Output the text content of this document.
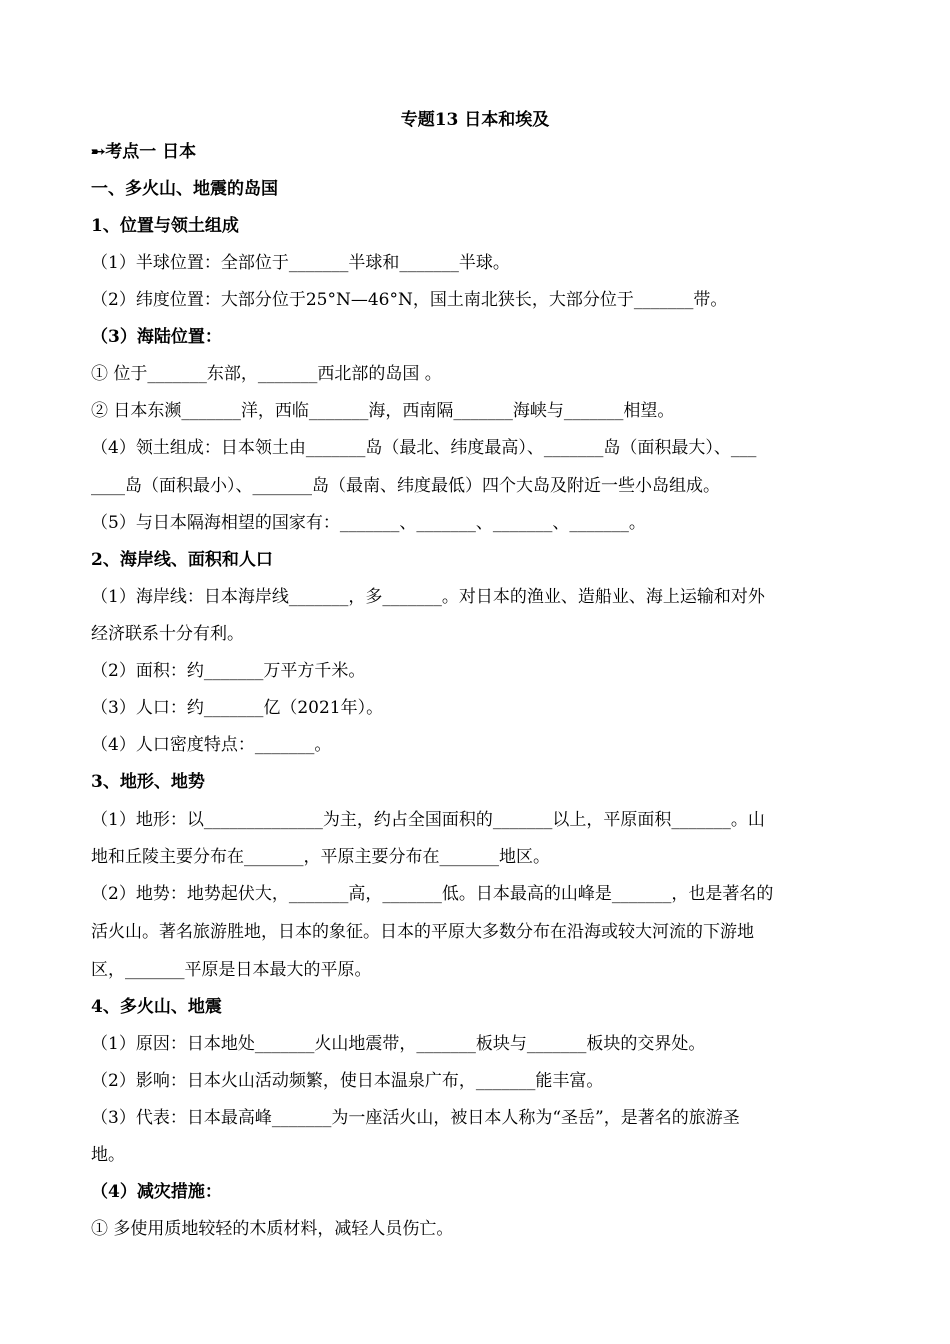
专题13 日本和埃及
➸考点一 日本
一、多火山、地震的岛国
1、位置与领土组成
（1）半球位置：全部位于_______半球和_______半球。
（2）纬度位置：大部分位于25°N—46°N，国土南北狭长，大部分位于_______带。
（3）海陆位置：
① 位于_______东部，_______西北部的岛国 。
② 日本东濒_______洋，西临_______海，西南隔_______海峡与_______相望。
（4）领土组成：日本领土由_______岛（最北、纬度最高）、_______岛（面积最大）、___
____岛（面积最小）、_______岛（最南、纬度最低）四个大岛及附近一些小岛组成。
（5）与日本隔海相望的国家有：_______、_______、_______、_______。
2、海岸线、面积和人口
（1）海岸线：日本海岸线_______，多_______。对日本的渔业、造船业、海上运输和对外
经济联系十分有利。
（2）面积：约_______万平方千米。
（3）人口：约_______亿（2021年）。
（4）人口密度特点：_______。
3、地形、地势
（1）地形：以______________为主，约占全国面积的_______以上，平原面积_______。山
地和丘陵主要分布在_______，平原主要分布在_______地区。
（2）地势：地势起伏大，_______高，_______低。日本最高的山峰是_______，也是著名的
活火山。著名旅游胜地，日本的象征。日本的平原大多数分布在沿海或较大河流的下游地
区，_______平原是日本最大的平原。
4、多火山、地震
（1）原因：日本地处_______火山地震带，_______板块与_______板块的交界处。
（2）影响：日本火山活动频繁，使日本温泉广布，_______能丰富。
（3）代表：日本最高峰_______为一座活火山，被日本人称为“圣岳”，是著名的旅游圣
地。
（4）减灾措施：
① 多使用质地较轻的木质材料，减轻人员伤亡。
